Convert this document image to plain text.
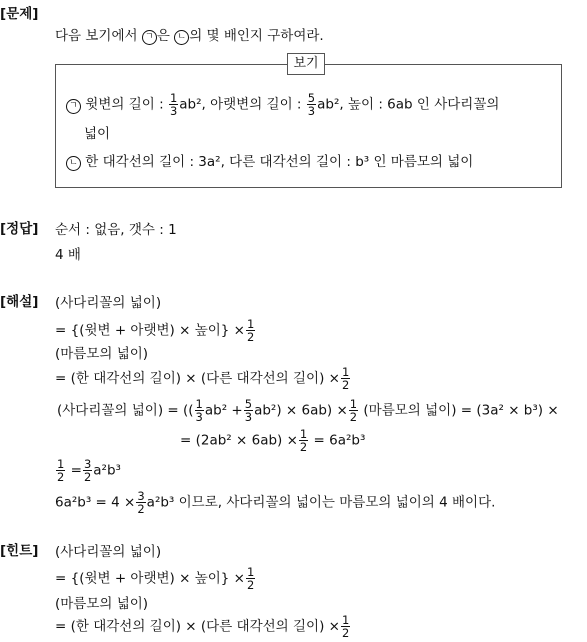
[문제]
다음 보기에서 ㄱ 은 ㄴ 의 몇 배인지 구하여라.
보기
ㄱ 윗변의 길이 : $\frac{1}{3} ab^2$, 아랫변의 길이 : $\frac{5}{3} ab^2$, 높이 : 6ab 인 사다리꼴의
넓이
ㄴ 한 대각선의 길이 : 3a², 다른 대각선의 길이 : b³ 인 마름모의 넓이
[정답] 순서 : 없음, 갯수 : 1
4 배
[해설] (사다리꼴의 넓이)
= {(윗변 + 아랫변) × 높이} × $\frac{1}{2}$
(마름모의 넓이)
= (한 대각선의 길이) × (다른 대각선의 길이) × $\frac{1}{2}$
(사다리꼴의 넓이) = (( $\frac{1}{3} ab^2 + \frac{5}{3} ab^2) \times 6ab) \times \frac{1}{2}$ (마름모의 넓이) = (3a² × b³) ×
= $(2ab^2 \times 6ab) \times \frac{1}{2} = 6a^2b^3$
$\frac{1}{2} = \frac{3}{2} a^2b^3$
$6a^2b^3 = 4 \times \frac{3}{2} a^2b^3$ 이므로, 사다리꼴의 넓이는 마름모의 넓이의 4 배이다.
[힌트] (사다리꼴의 넓이)
= {(윗변 + 아랫변) × 높이} × $\frac{1}{2}$
(마름모의 넓이)
= (한 대각선의 길이) × (다른 대각선의 길이) × $\frac{1}{2}$
